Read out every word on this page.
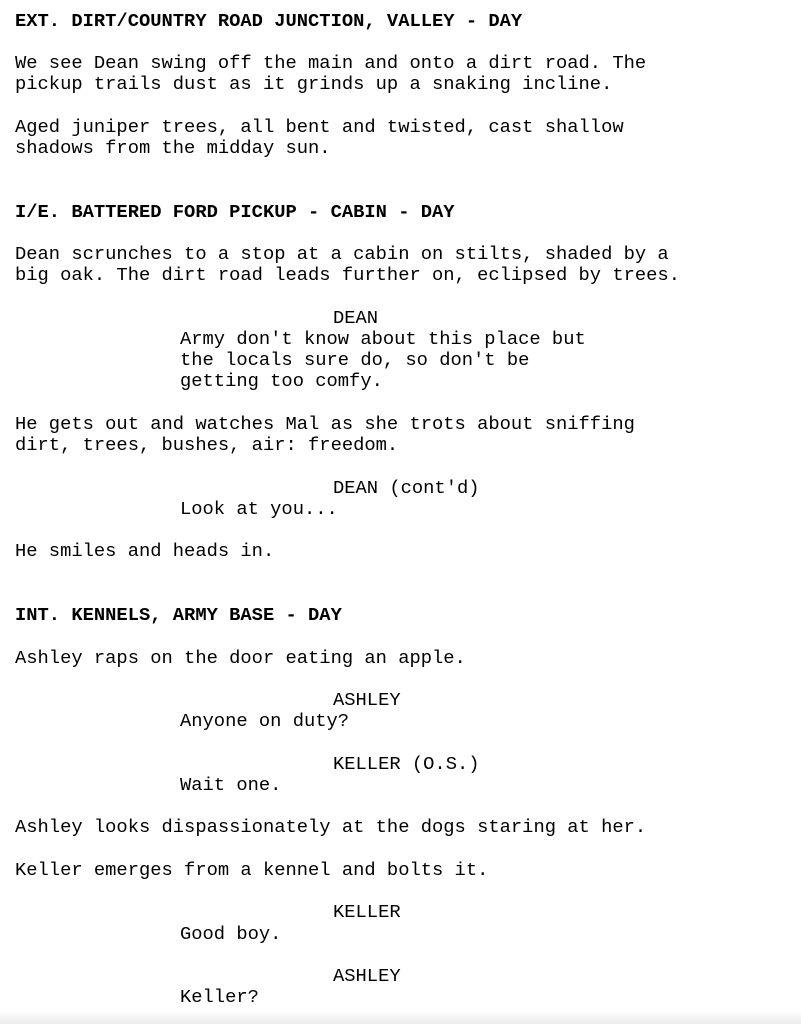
EXT. DIRT/COUNTRY ROAD JUNCTION, VALLEY - DAY

We see Dean swing off the main and onto a dirt road. The

pickup trails dust as it grinds up a snaking incline.

Aged juniper trees, all bent and twisted, cast shallow

shadows from the midday sun.

I/E. BATTERED FORD PICKUP - CABIN - DAY

Dean scrunches to a stop at a cabin on stilts, shaded by a

big oak. The dirt road leads further on, eclipsed by trees.

DEAN

Army don't know about this place but

the locals sure do, so don't be

getting too comfy.

He gets out and watches Mal as she trots about sniffing

dirt, trees, bushes, air: freedom.

DEAN (cont'd)

Look at you...

He smiles and heads in.

INT. KENNELS, ARMY BASE - DAY

Ashley raps on the door eating an apple.

ASHLEY

Anyone on duty?

KELLER (O.S.)

Wait one.

Ashley looks dispassionately at the dogs staring at her.

Keller emerges from a kennel and bolts it.

KELLER

Good boy.

ASHLEY

Keller?
